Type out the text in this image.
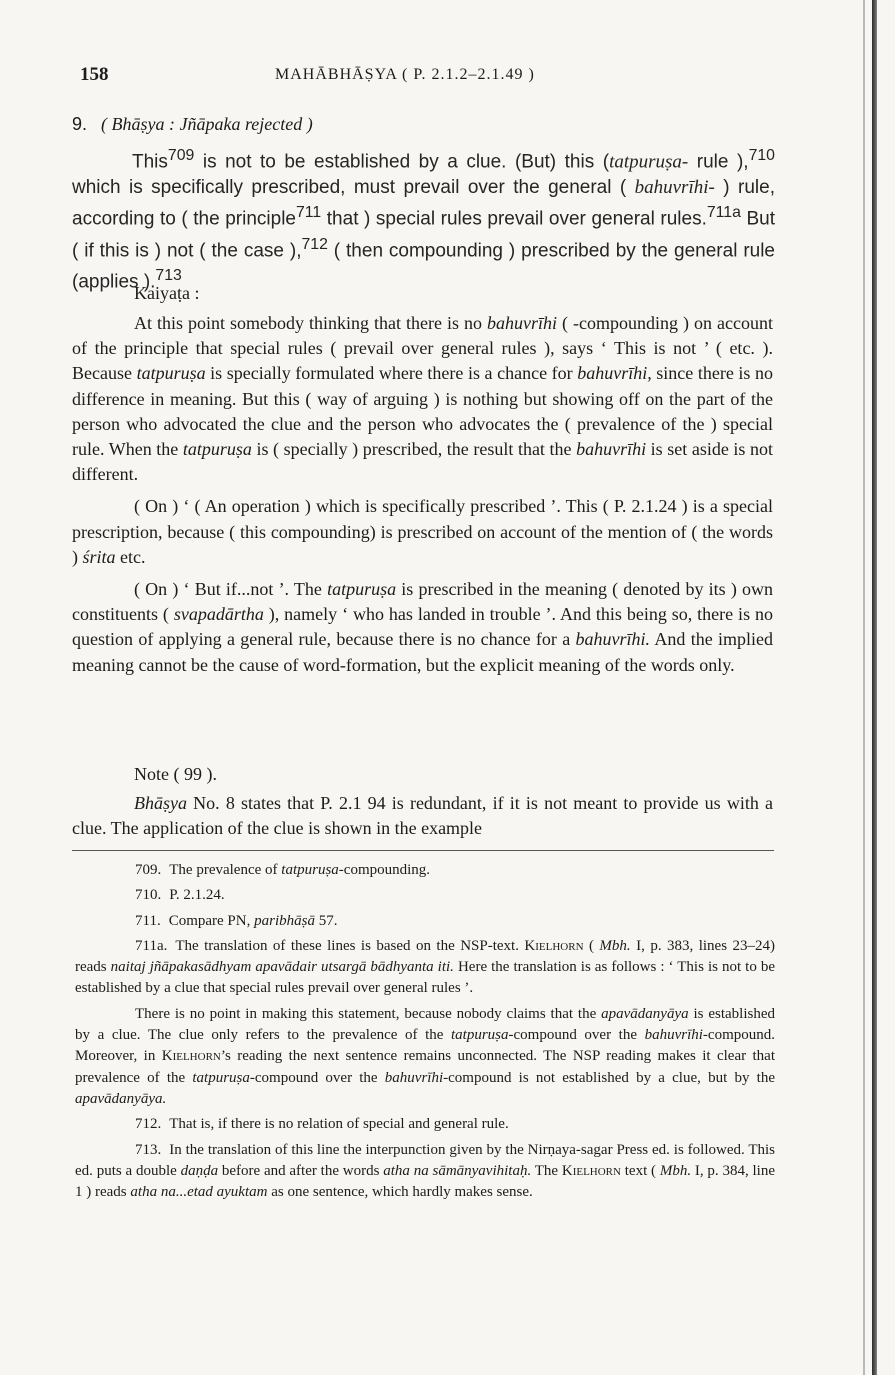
158	MAHĀBHĀṢYA ( P. 2.1.2–2.1.49 )
9. ( Bhāṣya : Jñāpaka rejected )

This$^{709}$ is not to be established by a clue. (But) this (tatpuruṣa- rule ),$^{710}$ which is specifically prescribed, must prevail over the general ( bahuvrīhi- ) rule, according to ( the principle$^{711}$ that ) special rules prevail over general rules.$^{711a}$ But ( if this is ) not ( the case ),$^{712}$ ( then compounding ) prescribed by the general rule (applies ).$^{713}$

Kaiyaṭa :

At this point somebody thinking that there is no bahuvrīhi ( -compounding ) on account of the principle that special rules ( prevail over general rules ), says ‘ This is not ’ ( etc. ). Because tatpuruṣa is specially formulated where there is a chance for bahuvrīhi, since there is no difference in meaning. But this ( way of arguing ) is nothing but showing off on the part of the person who advocated the clue and the person who advocates the ( prevalence of the ) special rule. When the tatpuruṣa is ( specially ) prescribed, the result that the bahuvrīhi is set aside is not different.

( On ) ‘ ( An operation ) which is specifically prescribed ’. This ( P. 2.1.24 ) is a special prescription, because ( this compounding) is prescribed on account of the mention of ( the words ) śrita etc.

( On ) ‘ But if...not ’. The tatpuruṣa is prescribed in the meaning ( denoted by its ) own constituents ( svapadārtha ), namely ‘ who has landed in trouble ’. And this being so, there is no question of applying a general rule, because there is no chance for a bahuvrīhi. And the implied meaning cannot be the cause of word-formation, but the explicit meaning of the words only.

Note ( 99 ).

Bhāṣya No. 8 states that P. 2.1 94 is redundant, if it is not meant to provide us with a clue. The application of the clue is shown in the example

709. The prevalence of tatpuruṣa-compounding.

710. P. 2.1.24.

711. Compare PN, paribhāṣā 57.

711a. The translation of these lines is based on the NSP-text. Kielhorn ( Mbh. I, p. 383, lines 23–24) reads naitaj jñāpakasādhyam apavādair utsargā bādhyanta iti. Here the translation is as follows : ‘ This is not to be established by a clue that special rules prevail over general rules ’.

There is no point in making this statement, because nobody claims that the apavādanyāya is established by a clue. The clue only refers to the prevalence of the tatpuruṣa-compound over the bahuvrīhi-compound. Moreover, in Kielhorn’s reading the next sentence remains unconnected. The NSP reading makes it clear that prevalence of the tatpuruṣa-compound over the bahuvrīhi-compound is not established by a clue, but by the apavādanyāya.

712. That is, if there is no relation of special and general rule.

713. In the translation of this line the interpunction given by the Nirṇaya-sagar Press ed. is followed. This ed. puts a double daṇḍa before and after the words atha na sāmānyavihitaḥ. The Kielhorn text ( Mbh. I, p. 384, line 1 ) reads atha na...etad ayuktam as one sentence, which hardly makes sense.
